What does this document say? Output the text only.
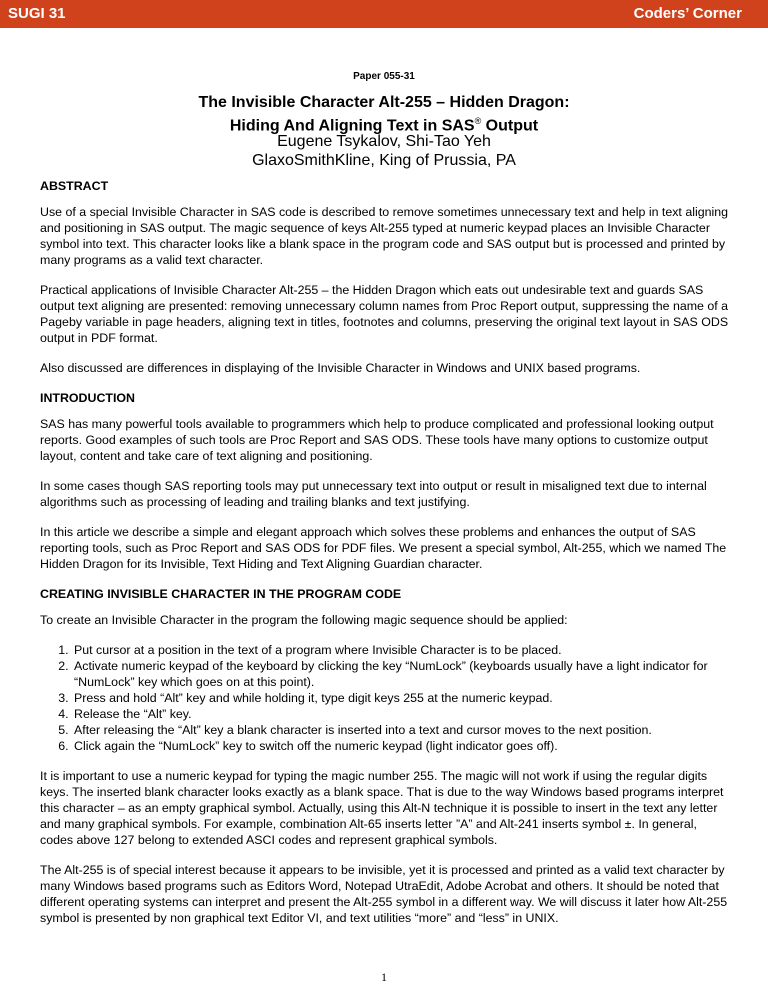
SUGI 31	Coders’ Corner
Paper 055-31
The Invisible Character Alt-255 – Hidden Dragon:
Hiding And Aligning Text in SAS® Output
Eugene Tsykalov, Shi-Tao Yeh
GlaxoSmithKline, King of Prussia, PA
ABSTRACT

Use of a special Invisible Character in SAS code is described to remove sometimes unnecessary text and help in text aligning and positioning in SAS output. The magic sequence of keys Alt-255 typed at numeric keypad places an Invisible Character symbol into text. This character looks like a blank space in the program code and SAS output but is processed and printed by many programs as a valid text character.

Practical applications of Invisible Character Alt-255 – the Hidden Dragon which eats out undesirable text and guards SAS output text aligning are presented: removing unnecessary column names from Proc Report output, suppressing the name of a Pageby variable in page headers, aligning text in titles, footnotes and columns, preserving the original text layout in SAS ODS output in PDF format.

Also discussed are differences in displaying of the Invisible Character in Windows and UNIX based programs.

INTRODUCTION

SAS has many powerful tools available to programmers which help to produce complicated and professional looking output reports. Good examples of such tools are Proc Report and SAS ODS. These tools have many options to customize output layout, content and take care of text aligning and positioning.

In some cases though SAS reporting tools may put unnecessary text into output or result in misaligned text due to internal algorithms such as processing of leading and trailing blanks and text justifying.

In this article we describe a simple and elegant approach which solves these problems and enhances the output of SAS reporting tools, such as Proc Report and SAS ODS for PDF files. We present a special symbol, Alt-255, which we named The Hidden Dragon for its Invisible, Text Hiding and Text Aligning Guardian character.

CREATING INVISIBLE CHARACTER IN THE PROGRAM CODE

To create an Invisible Character in the program the following magic sequence should be applied:

1. Put cursor at a position in the text of a program where Invisible Character is to be placed.
2. Activate numeric keypad of the keyboard by clicking the key “NumLock” (keyboards usually have a light indicator for “NumLock” key which goes on at this point).
3. Press and hold “Alt” key and while holding it, type digit keys 255 at the numeric keypad.
4. Release the “Alt” key.
5. After releasing the “Alt” key a blank character is inserted into a text and cursor moves to the next position.
6. Click again the “NumLock” key to switch off the numeric keypad (light indicator goes off).

It is important to use a numeric keypad for typing the magic number 255. The magic will not work if using the regular digits keys. The inserted blank character looks exactly as a blank space. That is due to the way Windows based programs interpret this character – as an empty graphical symbol. Actually, using this Alt-N technique it is possible to insert in the text any letter and many graphical symbols. For example, combination Alt-65 inserts letter ”A” and Alt-241 inserts symbol ±. In general, codes above 127 belong to extended ASCI codes and represent graphical symbols.

The Alt-255 is of special interest because it appears to be invisible, yet it is processed and printed as a valid text character by many Windows based programs such as Editors Word, Notepad UtraEdit, Adobe Acrobat and others. It should be noted that different operating systems can interpret and present the Alt-255 symbol in a different way. We will discuss it later how Alt-255 symbol is presented by non graphical text Editor VI, and text utilities “more” and “less” in UNIX.

1
